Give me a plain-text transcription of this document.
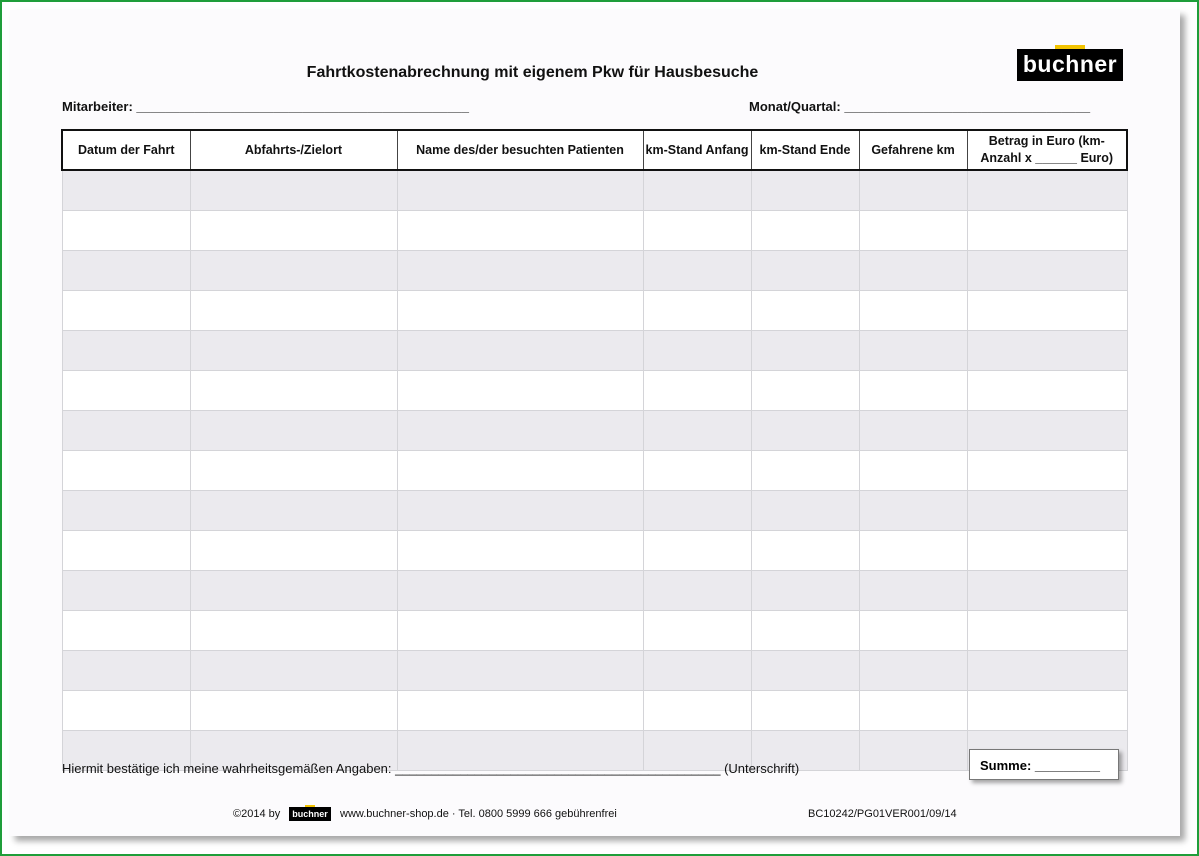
Fahrtkostenabrechnung mit eigenem Pkw für Hausbesuche	buchner
Mitarbeiter: ______________________________________________	Monat/Quartal: __________________________________
Datum der Fahrt	Abfahrts-/Zielort	Name des/der besuchten Patienten	km-Stand Anfang	km-Stand Ende	Gefahrene km	Betrag in Euro (km-Anzahl x ______ Euro)

Hiermit bestätige ich meine wahrheitsgemäßen Angaben: _____________________________________________ (Unterschrift)	Summe: _________
©2014 by	buchner www.buchner-shop.de · Tel. 0800 5999 666 gebührenfrei	BC10242/PG01VER001/09/14
